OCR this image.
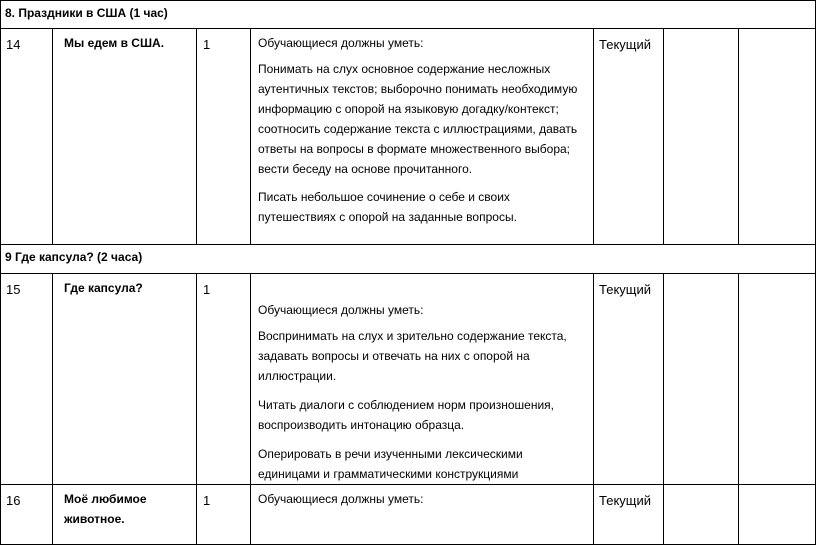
8. Праздники в США (1 час)						
14	Мы едем в США.	1	Обучающиеся должны уметь:

Понимать на слух основное содержание несложных аутентичных текстов; выборочно понимать необходимую информацию с опорой на языковую догадку/контекст; соотносить содержание текста с иллюстрациями, давать ответы на вопросы в формате множественного выбора; вести беседу на основе прочитанного.

Писать небольшое сочинение о себе и своих путешествиях с опорой на заданные вопросы.	Текущий		
9 Где капсула? (2 часа)						
15	Где капсула?	1	Обучающиеся должны уметь:

Воспринимать на слух и зрительно содержание текста, задавать вопросы и отвечать на них с опорой на иллюстрации.

Читать диалоги с соблюдением норм произношения, воспроизводить интонацию образца.

Оперировать в речи изученными лексическими единицами и грамматическими конструкциями	Текущий		
16	Моё любимое животное.	1	Обучающиеся должны уметь:	Текущий		
